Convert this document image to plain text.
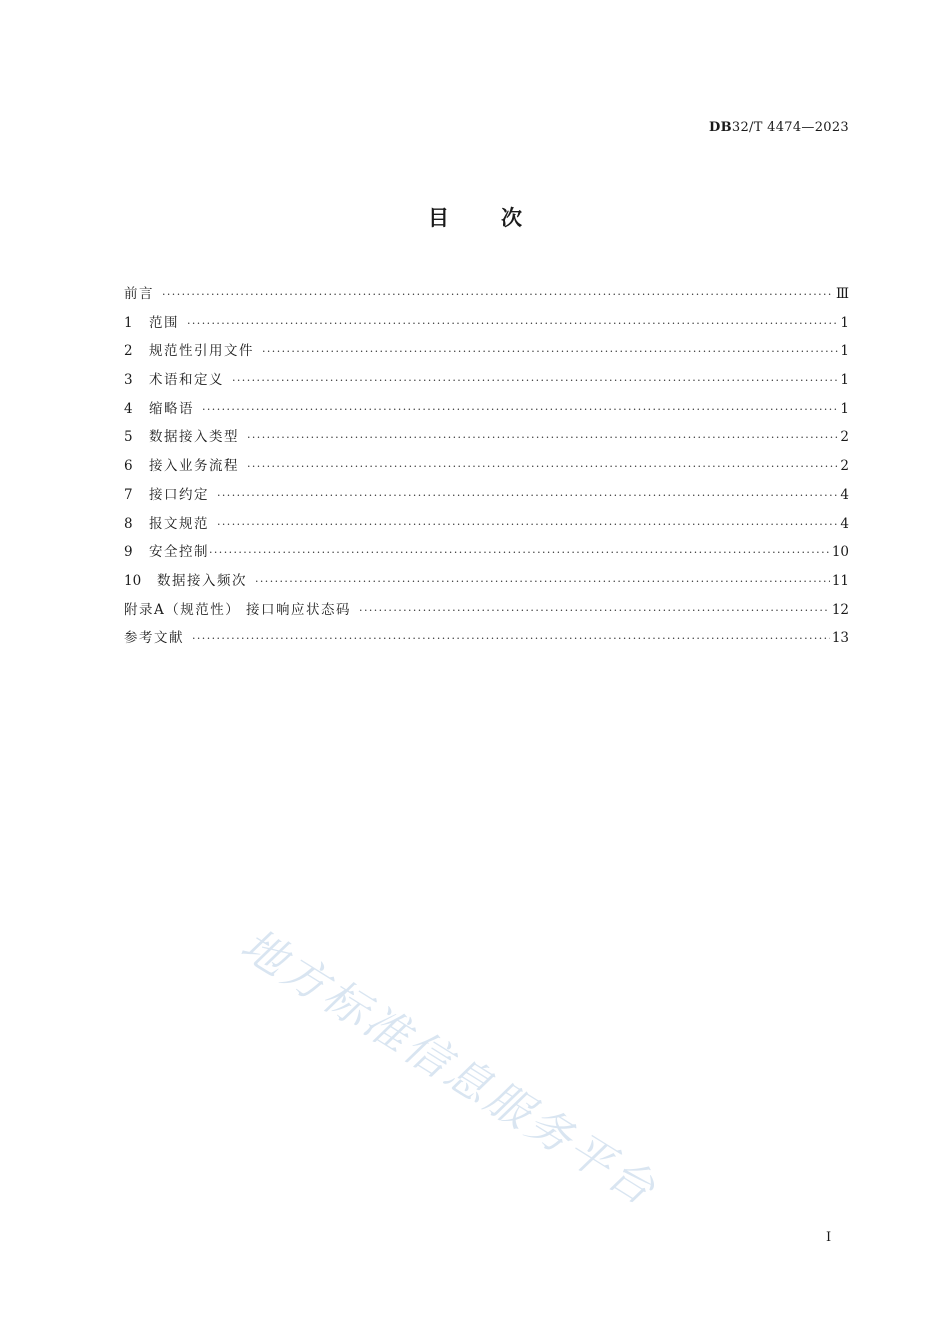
DB32/T 4474—2023
目次
前言 ·····	Ⅲ
1	范围 ·····	1
2	规范性引用文件 ·····	1
3	术语和定义 ·····	1
4	缩略语 ·····	1
5	数据接入类型 ·····	2
6	接入业务流程 ·····	2
7	接口约定 ·····	4
8	报文规范 ·····	4
9	安全控制 ·····	10
10	数据接入频次 ·····	11
附录A（规范性） 接口响应状态码 ·····	12
参考文献 ·····	13
地方标准信息服务平台
I
